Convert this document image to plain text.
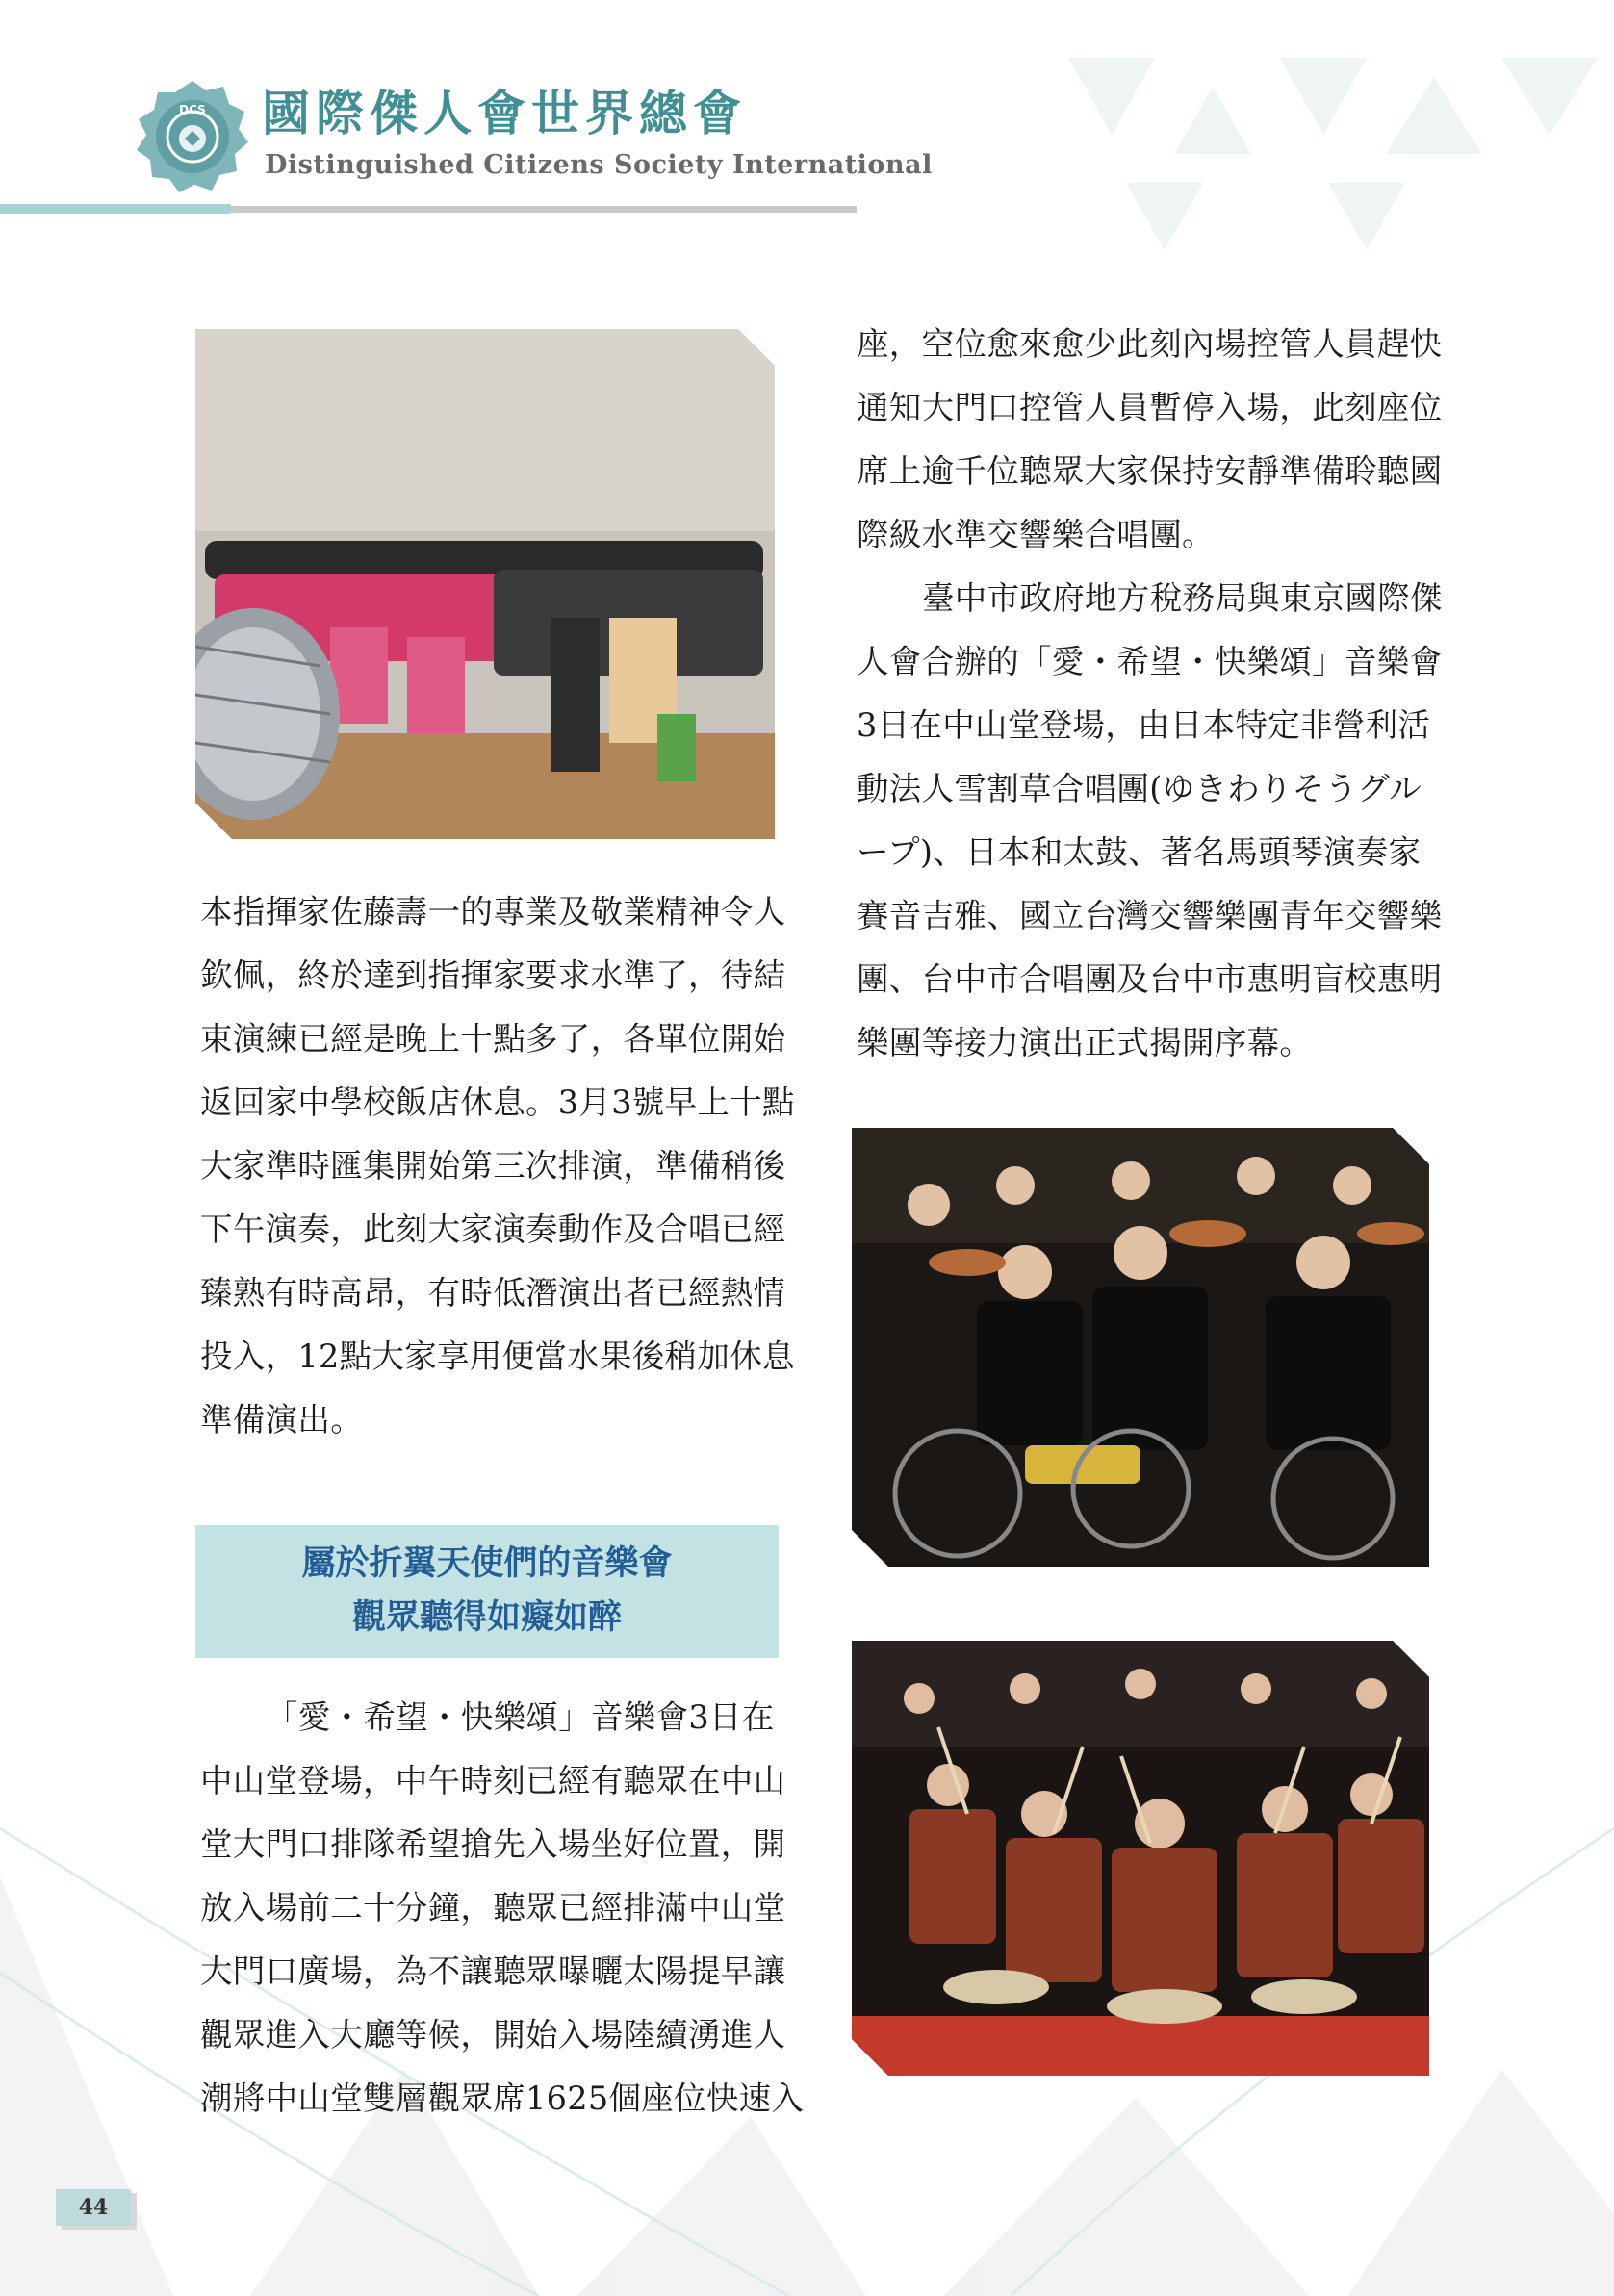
DCS 國際傑人會世界總會
Distinguished Citizens Society International
座，空位愈來愈少此刻內場控管人員趕快
通知大門口控管人員暫停入場，此刻座位
席上逾千位聽眾大家保持安靜準備聆聽國
際級水準交響樂合唱團。
臺中市政府地方稅務局與東京國際傑
人會合辦的「愛・希望・快樂頌」音樂會
3日在中山堂登場，由日本特定非營利活
動法人雪割草合唱團(ゆきわりそうグル
ープ)、日本和太鼓、著名馬頭琴演奏家
賽音吉雅、國立台灣交響樂團青年交響樂
團、台中市合唱團及台中市惠明盲校惠明
樂團等接力演出正式揭開序幕。
本指揮家佐藤壽一的專業及敬業精神令人
欽佩，終於達到指揮家要求水準了，待結
束演練已經是晚上十點多了，各單位開始
返回家中學校飯店休息。3月3號早上十點
大家準時匯集開始第三次排演，準備稍後
下午演奏，此刻大家演奏動作及合唱已經
臻熟有時高昂，有時低潛演出者已經熱情
投入，12點大家享用便當水果後稍加休息
準備演出。
屬於折翼天使們的音樂會
觀眾聽得如癡如醉
「愛・希望・快樂頌」音樂會3日在
中山堂登場，中午時刻已經有聽眾在中山
堂大門口排隊希望搶先入場坐好位置，開
放入場前二十分鐘，聽眾已經排滿中山堂
大門口廣場，為不讓聽眾曝曬太陽提早讓
觀眾進入大廳等候，開始入場陸續湧進人
潮將中山堂雙層觀眾席1625個座位快速入
44
